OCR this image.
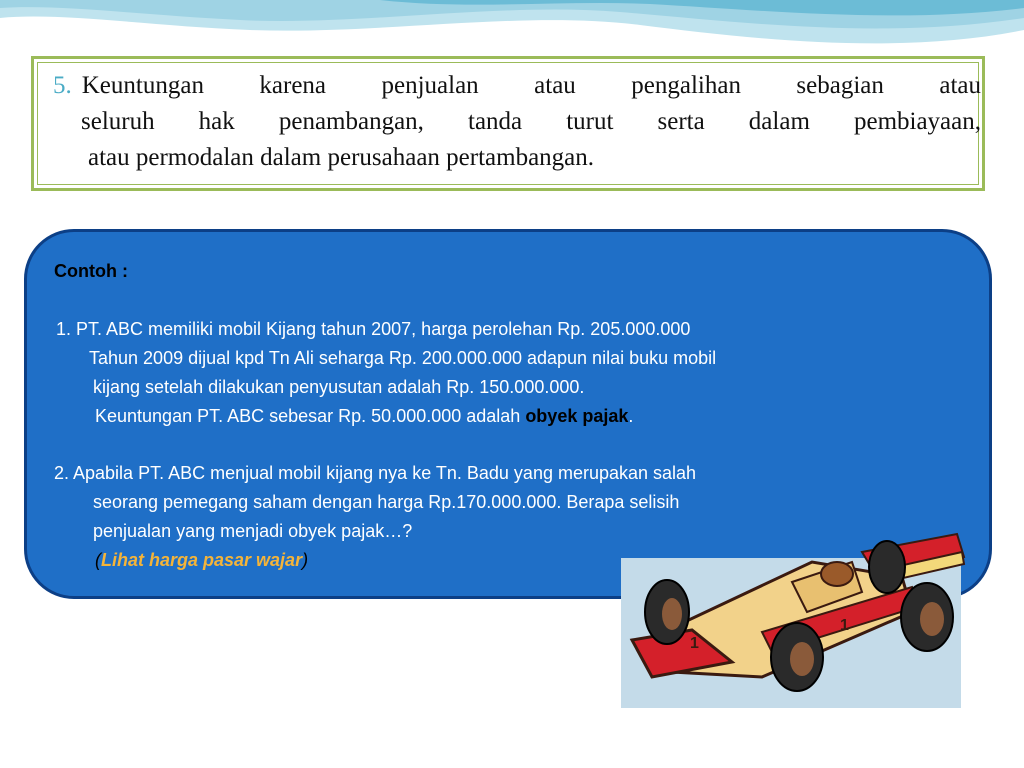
5. Keuntungan karena penjualan atau pengalihan sebagian atau
seluruh hak penambangan, tanda turut serta dalam pembiayaan,
atau permodalan dalam perusahaan pertambangan.
Contoh :
1. PT. ABC memiliki mobil Kijang tahun 2007, harga perolehan Rp. 205.000.000
Tahun 2009 dijual kpd Tn Ali seharga Rp. 200.000.000 adapun nilai buku mobil
kijang setelah dilakukan penyusutan adalah Rp. 150.000.000.
Keuntungan PT. ABC sebesar Rp. 50.000.000 adalah obyek pajak.
2. Apabila PT. ABC menjual mobil kijang nya ke Tn. Badu yang merupakan salah
seorang pemegang saham dengan harga Rp.170.000.000. Berapa selisih
penjualan yang menjadi obyek pajak…?
(Lihat harga pasar wajar)
1
1
